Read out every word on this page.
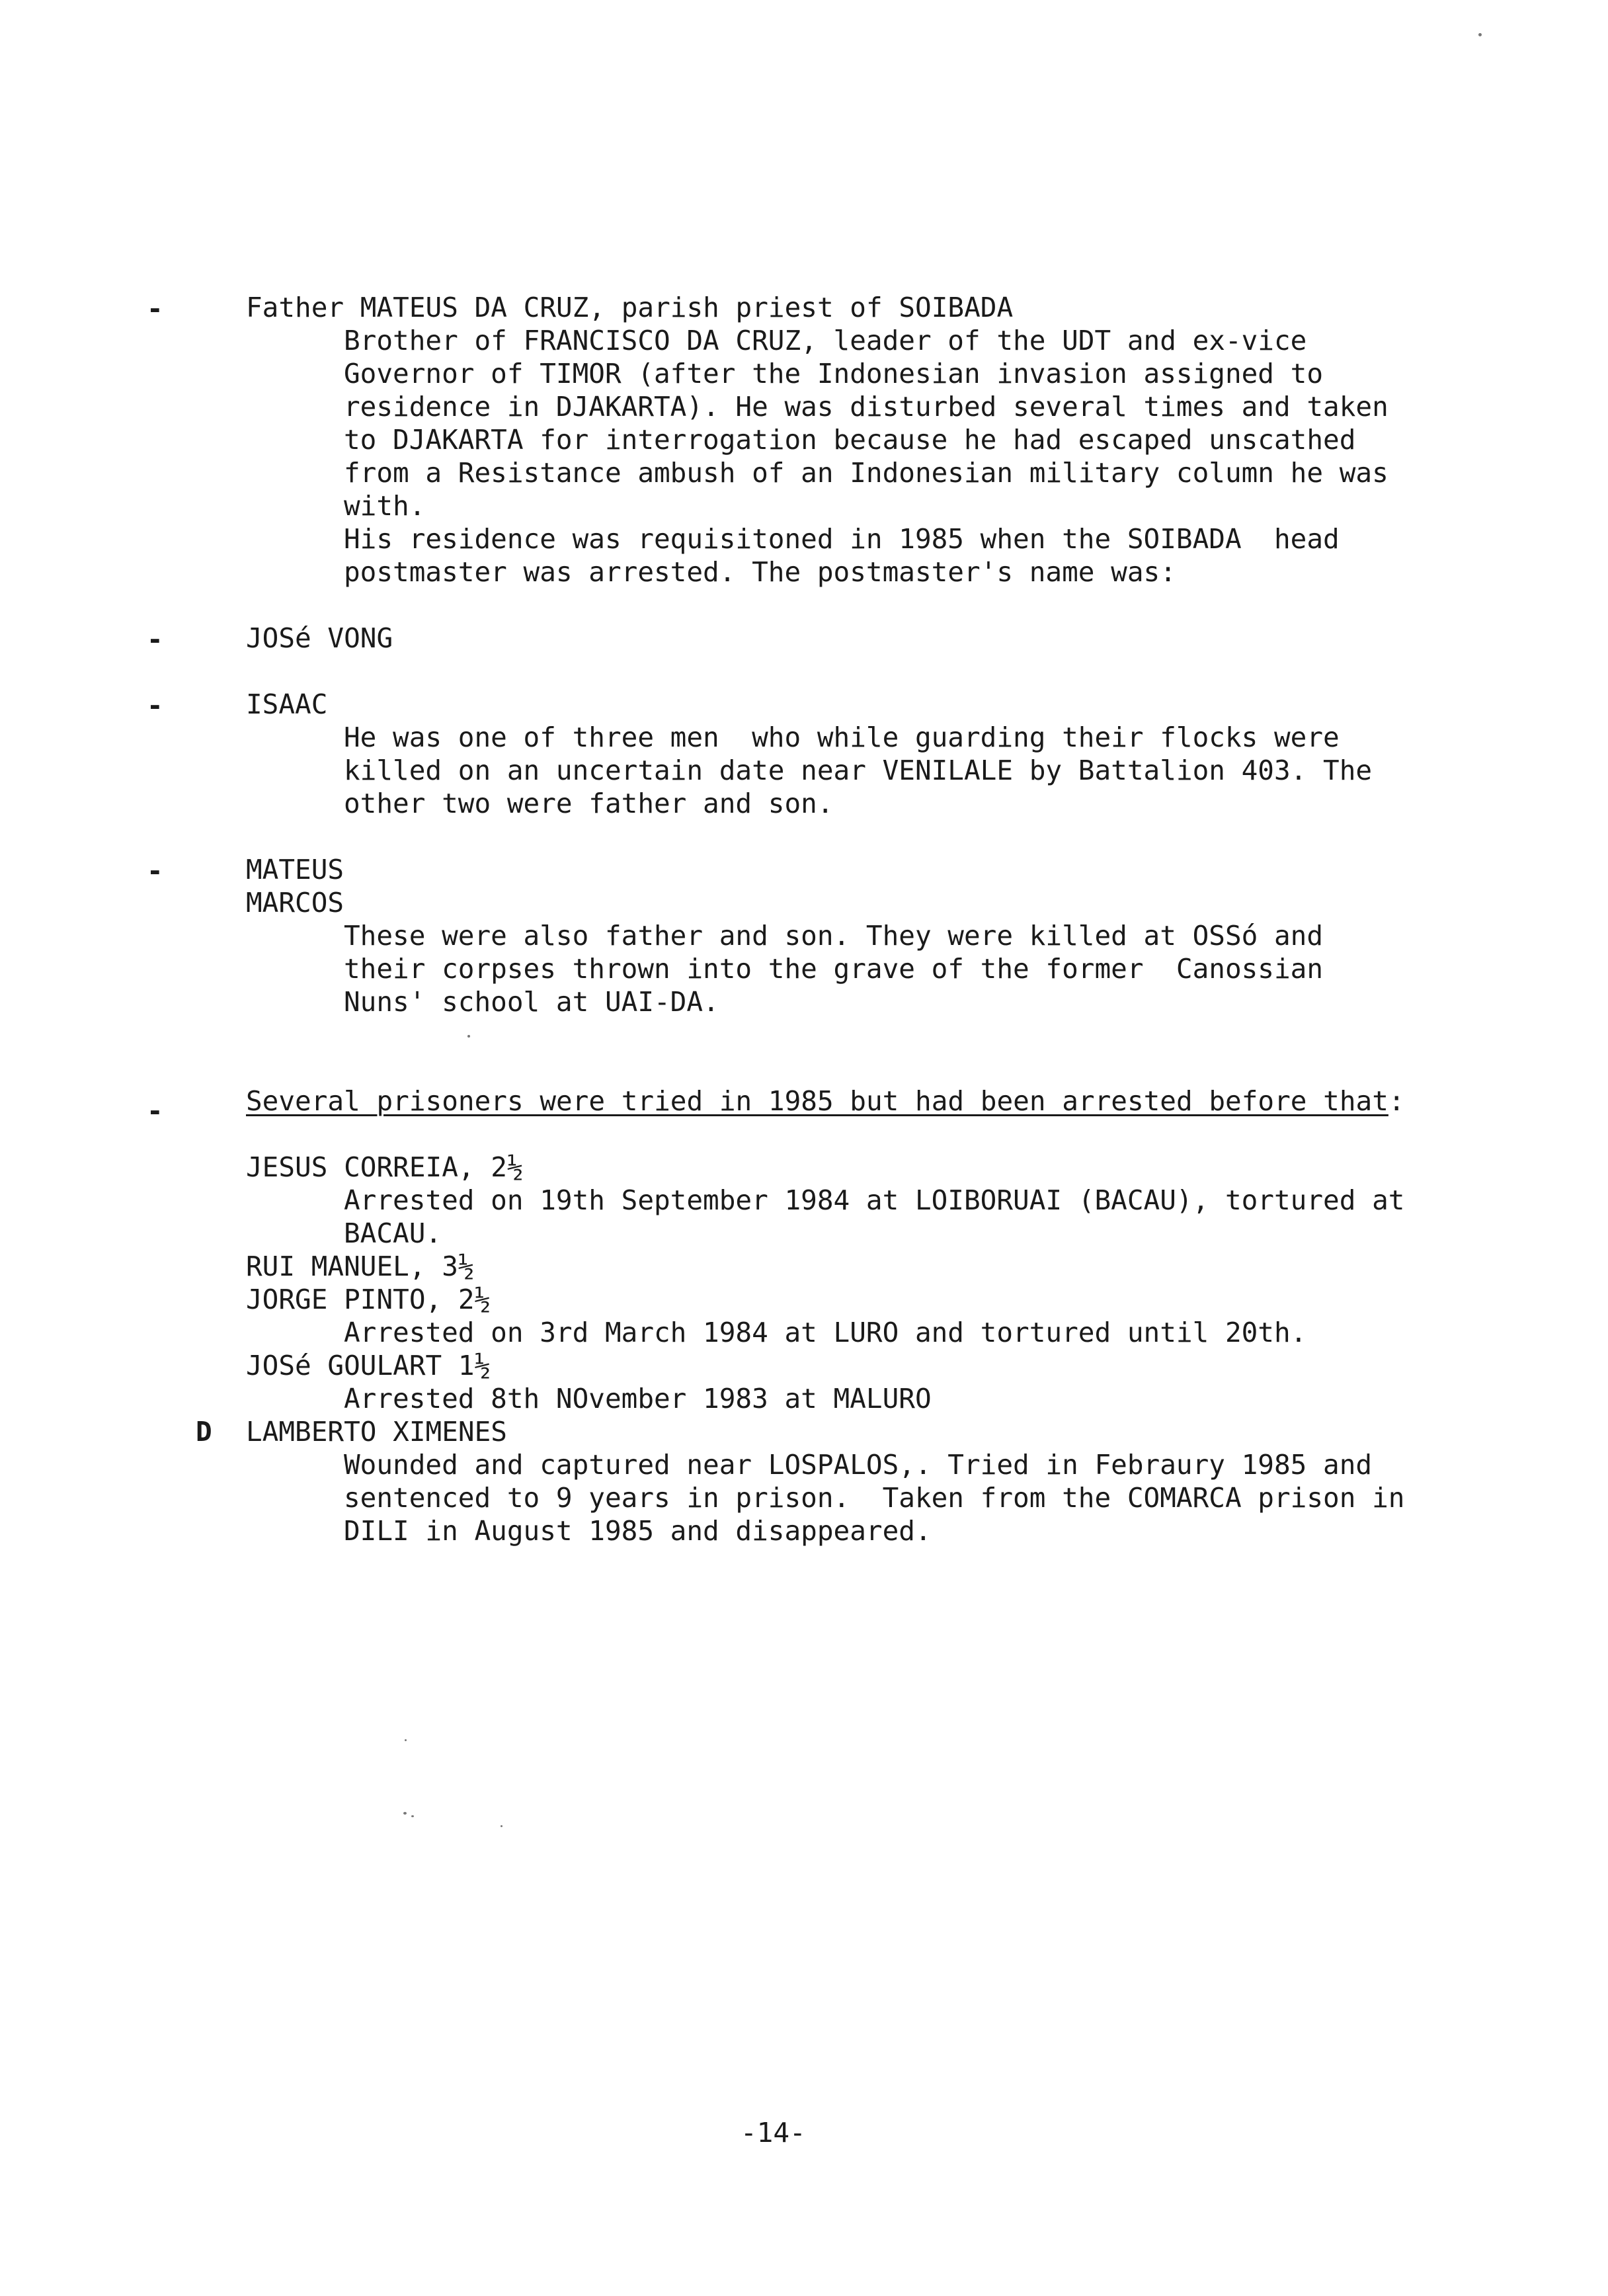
-	Father MATEUS DA CRUZ, parish priest of SOIBADA
Brother of FRANCISCO DA CRUZ, leader of the UDT and ex-vice
Governor of TIMOR (after the Indonesian invasion assigned to
residence in DJAKARTA). He was disturbed several times and taken
to DJAKARTA for interrogation because he had escaped unscathed
from a Resistance ambush of an Indonesian military column he was
with.
His residence was requisitoned in 1985 when the SOIBADA  head
postmaster was arrested. The postmaster's name was:
-	JOSé VONG
-	ISAAC
He was one of three men  who while guarding their flocks were
killed on an uncertain date near VENILALE by Battalion 403. The
other two were father and son.
-	MATEUS
MARCOS
These were also father and son. They were killed at OSSó and
their corpses thrown into the grave of the former  Canossian
Nuns' school at UAI-DA.
-	Several prisoners were tried in 1985 but had been arrested before that:
JESUS CORREIA, 2½
Arrested on 19th September 1984 at LOIBORUAI (BACAU), tortured at
BACAU.
RUI MANUEL, 3½
JORGE PINTO, 2½
Arrested on 3rd March 1984 at LURO and tortured until 20th.
JOSé GOULART 1½
Arrested 8th NOvember 1983 at MALURO
D LAMBERTO XIMENES
Wounded and captured near LOSPALOS,. Tried in Febraury 1985 and
sentenced to 9 years in prison.  Taken from the COMARCA prison in
DILI in August 1985 and disappeared.
-14-
